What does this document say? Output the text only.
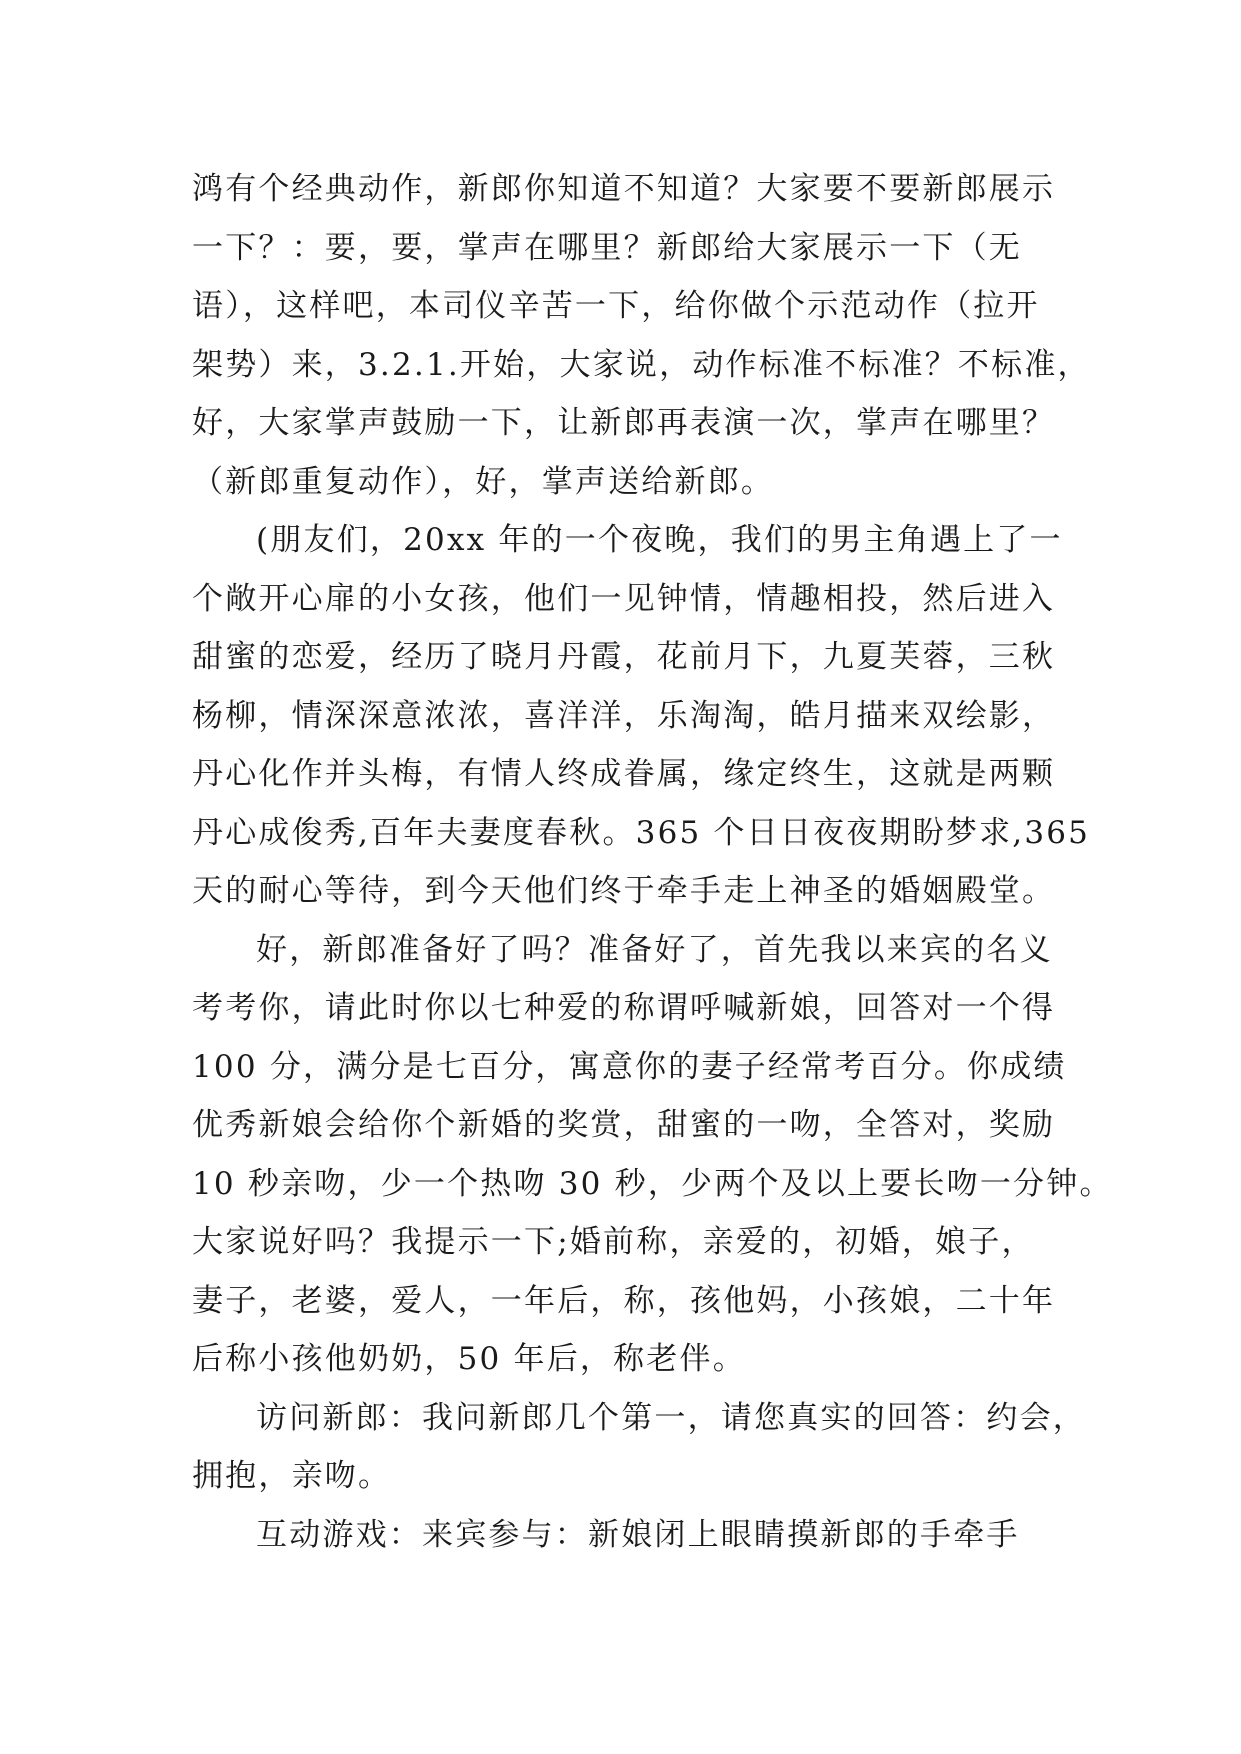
鸿有个经典动作，新郎你知道不知道？大家要不要新郎展示
一下？：要，要，掌声在哪里？新郎给大家展示一下（无
语），这样吧，本司仪辛苦一下，给你做个示范动作（拉开
架势）来，3.2.1.开始，大家说，动作标准不标准？不标准，
好，大家掌声鼓励一下，让新郎再表演一次，掌声在哪里？
（新郎重复动作），好，掌声送给新郎。
(朋友们，20xx 年的一个夜晚，我们的男主角遇上了一
个敞开心扉的小女孩，他们一见钟情，情趣相投，然后进入
甜蜜的恋爱，经历了晓月丹霞，花前月下，九夏芙蓉，三秋
杨柳，情深深意浓浓，喜洋洋，乐淘淘，皓月描来双绘影，
丹心化作并头梅，有情人终成眷属，缘定终生，这就是两颗
丹心成俊秀,百年夫妻度春秋。365 个日日夜夜期盼梦求,365
天的耐心等待，到今天他们终于牵手走上神圣的婚姻殿堂。
好，新郎准备好了吗？准备好了，首先我以来宾的名义
考考你，请此时你以七种爱的称谓呼喊新娘，回答对一个得
100 分，满分是七百分，寓意你的妻子经常考百分。你成绩
优秀新娘会给你个新婚的奖赏，甜蜜的一吻，全答对，奖励
10 秒亲吻，少一个热吻 30 秒，少两个及以上要长吻一分钟。
大家说好吗？我提示一下;婚前称，亲爱的，初婚，娘子，
妻子，老婆，爱人，一年后，称，孩他妈，小孩娘，二十年
后称小孩他奶奶，50 年后，称老伴。
访问新郎：我问新郎几个第一，请您真实的回答：约会，
拥抱，亲吻。
互动游戏：来宾参与：新娘闭上眼睛摸新郎的手牵手
